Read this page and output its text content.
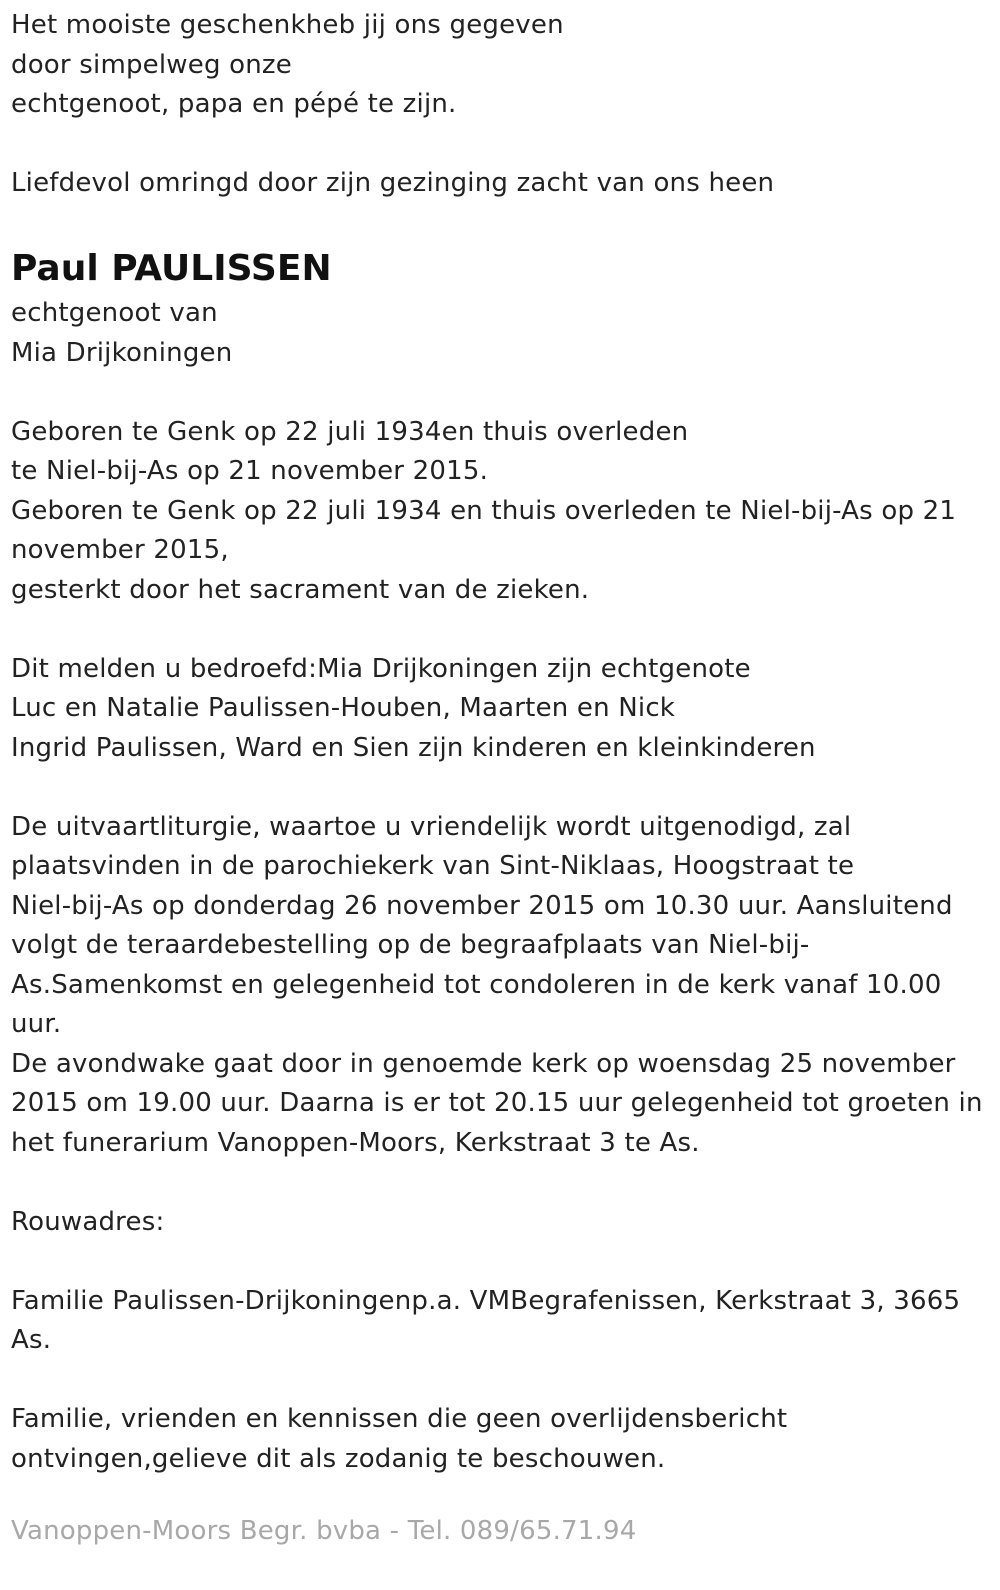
Het mooiste geschenkheb jij ons gegeven
door simpelweg onze
echtgenoot, papa en pépé te zijn.
Liefdevol omringd door zijn gezinging zacht van ons heen
Paul PAULISSEN
echtgenoot van
Mia Drijkoningen
Geboren te Genk op 22 juli 1934en thuis overleden
te Niel-bij-As op 21 november 2015.
Geboren te Genk op 22 juli 1934 en thuis overleden te Niel-bij-As op 21
november 2015,
gesterkt door het sacrament van de zieken.
Dit melden u bedroefd:Mia Drijkoningen zijn echtgenote
Luc en Natalie Paulissen-Houben, Maarten en Nick
Ingrid Paulissen, Ward en Sien zijn kinderen en kleinkinderen
De uitvaartliturgie, waartoe u vriendelijk wordt uitgenodigd, zal
plaatsvinden in de parochiekerk van Sint-Niklaas, Hoogstraat te
Niel-bij-As op donderdag 26 november 2015 om 10.30 uur. Aansluitend
volgt de teraardebestelling op de begraafplaats van Niel-bij-
As.Samenkomst en gelegenheid tot condoleren in de kerk vanaf 10.00
uur.
De avondwake gaat door in genoemde kerk op woensdag 25 november
2015 om 19.00 uur. Daarna is er tot 20.15 uur gelegenheid tot groeten in
het funerarium Vanoppen-Moors, Kerkstraat 3 te As.
Rouwadres:
Familie Paulissen-Drijkoningenp.a. VMBegrafenissen, Kerkstraat 3, 3665
As.
Familie, vrienden en kennissen die geen overlijdensbericht
ontvingen,gelieve dit als zodanig te beschouwen.
Vanoppen-Moors Begr. bvba - Tel. 089/65.71.94
